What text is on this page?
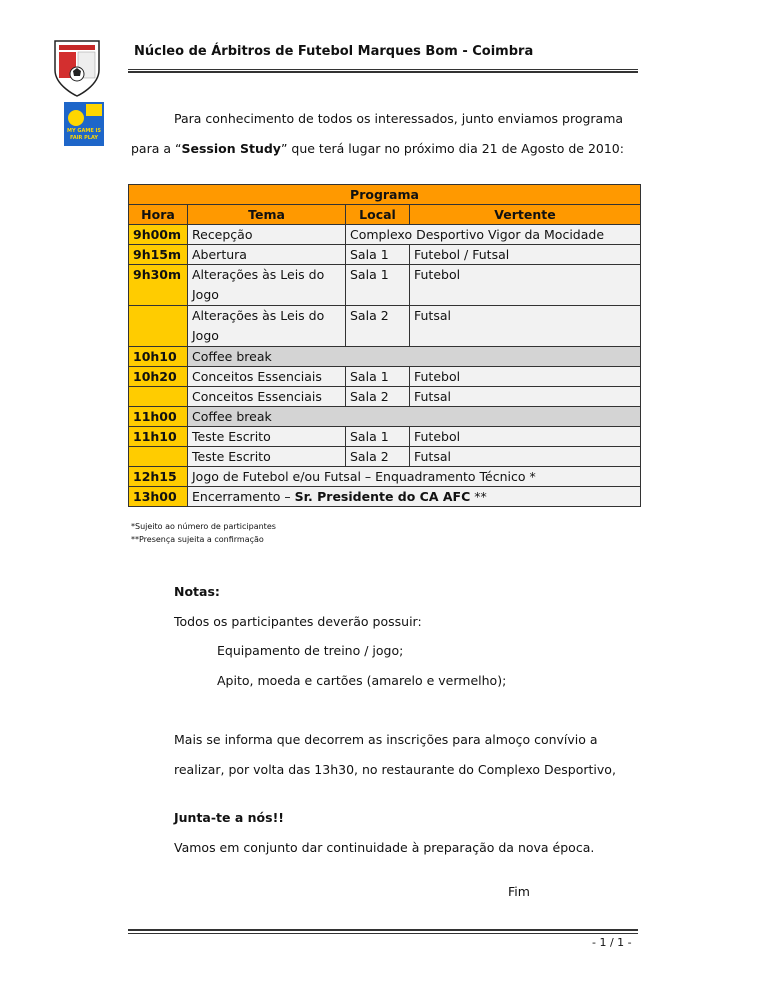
MY GAME IS
FAIR PLAY
Núcleo de Árbitros de Futebol Marques Bom - Coimbra
Para conhecimento de todos os interessados, junto enviamos programa
para a “Session Study” que terá lugar no próximo dia 21 de Agosto de 2010:
Programa			
Hora	Tema	Local	Vertente
9h00m	Recepção	Complexo Desportivo Vigor da Mocidade	
9h15m	Abertura	Sala 1	Futebol / Futsal
9h30m	Alterações às Leis do Jogo	Sala 1	Futebol
	Alterações às Leis do Jogo	Sala 2	Futsal
10h10	Coffee break		
10h20	Conceitos Essenciais	Sala 1	Futebol
	Conceitos Essenciais	Sala 2	Futsal
11h00	Coffee break		
11h10	Teste Escrito	Sala 1	Futebol
	Teste Escrito	Sala 2	Futsal
12h15	Jogo de Futebol e/ou Futsal – Enquadramento Técnico *		
13h00	Encerramento – Sr. Presidente do CA AFC **		
*Sujeito ao número de participantes
**Presença sujeita a confirmação
Notas:
Todos os participantes deverão possuir:
Equipamento de treino / jogo;
Apito, moeda e cartões (amarelo e vermelho);
Mais se informa que decorrem as inscrições para almoço convívio a
realizar, por volta das 13h30, no restaurante do Complexo Desportivo,
Junta-te a nós!!
Vamos em conjunto dar continuidade à preparação da nova época.
Fim
- 1 / 1 -
